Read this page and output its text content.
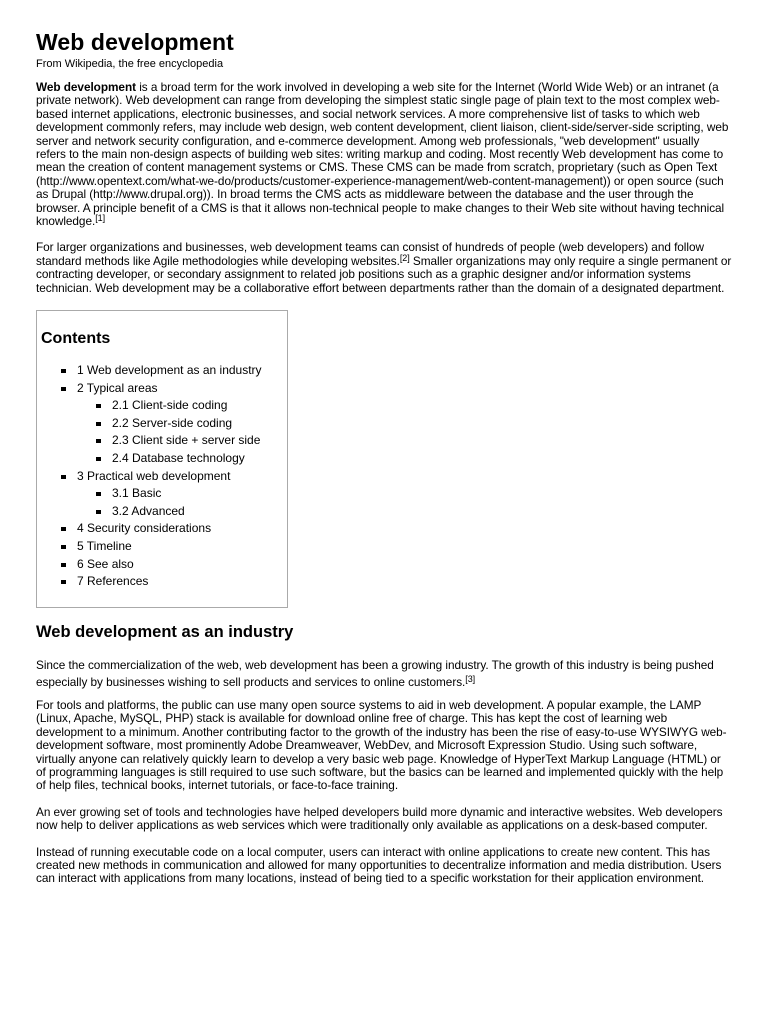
Web development
From Wikipedia, the free encyclopedia

Web development is a broad term for the work involved in developing a web site for the Internet (World Wide Web) or an intranet (a private network). Web development can range from developing the simplest static single page of plain text to the most complex web-based internet applications, electronic businesses, and social network services. A more comprehensive list of tasks to which web development commonly refers, may include web design, web content development, client liaison, client-side/server-side scripting, web server and network security configuration, and e-commerce development. Among web professionals, "web development" usually refers to the main non-design aspects of building web sites: writing markup and coding. Most recently Web development has come to mean the creation of content management systems or CMS. These CMS can be made from scratch, proprietary (such as Open Text (http://www.opentext.com/what-we-do/products/customer-experience-management/web-content-management)) or open source (such as Drupal (http://www.drupal.org)). In broad terms the CMS acts as middleware between the database and the user through the browser. A principle benefit of a CMS is that it allows non-technical people to make changes to their Web site without having technical knowledge.[1]

For larger organizations and businesses, web development teams can consist of hundreds of people (web developers) and follow standard methods like Agile methodologies while developing websites.[2] Smaller organizations may only require a single permanent or contracting developer, or secondary assignment to related job positions such as a graphic designer and/or information systems technician. Web development may be a collaborative effort between departments rather than the domain of a designated department.

Contents
1 Web development as an industry
2 Typical areas
2.1 Client-side coding
2.2 Server-side coding
2.3 Client side + server side
2.4 Database technology
3 Practical web development
3.1 Basic
3.2 Advanced
4 Security considerations
5 Timeline
6 See also
7 References
Web development as an industry

Since the commercialization of the web, web development has been a growing industry. The growth of this industry is being pushed especially by businesses wishing to sell products and services to online customers.[3]

For tools and platforms, the public can use many open source systems to aid in web development. A popular example, the LAMP (Linux, Apache, MySQL, PHP) stack is available for download online free of charge. This has kept the cost of learning web development to a minimum. Another contributing factor to the growth of the industry has been the rise of easy-to-use WYSIWYG web-development software, most prominently Adobe Dreamweaver, WebDev, and Microsoft Expression Studio. Using such software, virtually anyone can relatively quickly learn to develop a very basic web page. Knowledge of HyperText Markup Language (HTML) or of programming languages is still required to use such software, but the basics can be learned and implemented quickly with the help of help files, technical books, internet tutorials, or face-to-face training.

An ever growing set of tools and technologies have helped developers build more dynamic and interactive websites. Web developers now help to deliver applications as web services which were traditionally only available as applications on a desk-based computer.

Instead of running executable code on a local computer, users can interact with online applications to create new content. This has created new methods in communication and allowed for many opportunities to decentralize information and media distribution. Users can interact with applications from many locations, instead of being tied to a specific workstation for their application environment.
